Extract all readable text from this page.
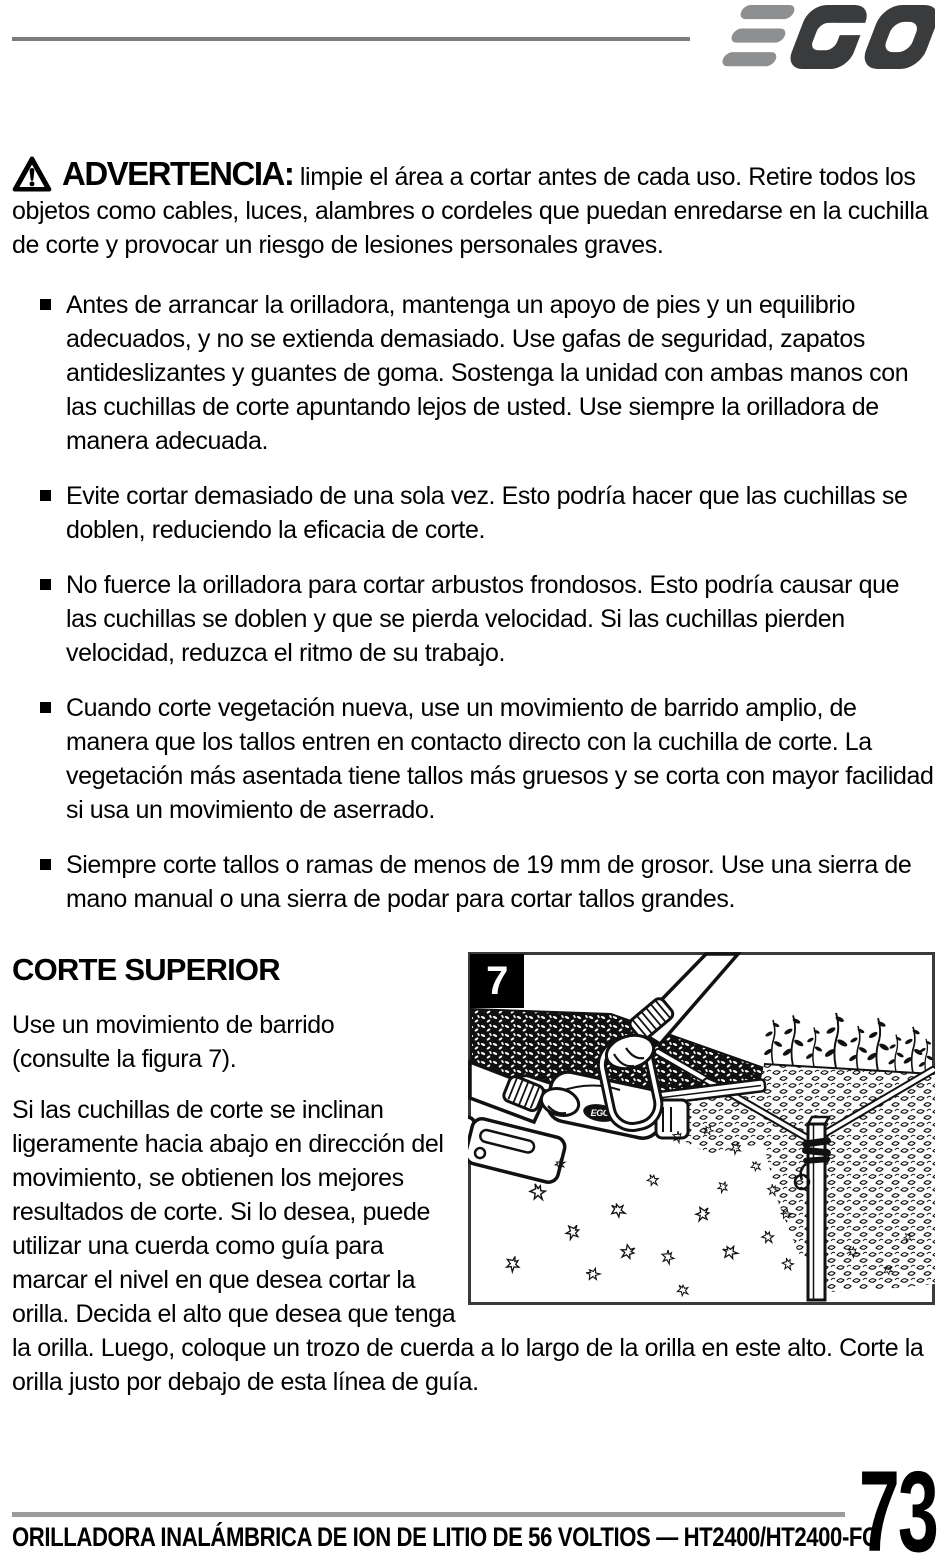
ADVERTENCIA: limpie el área a cortar antes de cada uso. Retire todos los objetos como cables, luces, alambres o cordeles que puedan enredarse en la cuchilla de corte y provocar un riesgo de lesiones personales graves.

Antes de arrancar la orilladora, mantenga un apoyo de pies y un equilibrio adecuados, y no se extienda demasiado. Use gafas de seguridad, zapatos antideslizantes y guantes de goma. Sostenga la unidad con ambas manos con las cuchillas de corte apuntando lejos de usted. Use siempre la orilladora de manera adecuada.
Evite cortar demasiado de una sola vez. Esto podría hacer que las cuchillas se doblen, reduciendo la eficacia de corte.
No fuerce la orilladora para cortar arbustos frondosos. Esto podría causar que las cuchillas se doblen y que se pierda velocidad. Si las cuchillas pierden velocidad, reduzca el ritmo de su trabajo.
Cuando corte vegetación nueva, use un movimiento de barrido amplio, de manera que los tallos entren en contacto directo con la cuchilla de corte. La vegetación más asentada tiene tallos más gruesos y se corta con mayor facilidad si usa un movimiento de aserrado.
Siempre corte tallos o ramas de menos de 19 mm de grosor. Use una sierra de mano manual o una sierra de podar para cortar tallos grandes.
EGO
7
CORTE SUPERIOR

Use un movimiento de barrido (consulte la figura 7).

Si las cuchillas de corte se inclinan ligeramente hacia abajo en dirección del movimiento, se obtienen los mejores resultados de corte. Si lo desea, puede utilizar una cuerda como guía para marcar el nivel en que desea cortar la orilla. Decida el alto que desea que tenga la orilla. Luego, coloque un trozo de cuerda a lo largo de la orilla en este alto. Corte la orilla justo por debajo de esta línea de guía.

ORILLADORA INALÁMBRICA DE ION DE LITIO DE 56 VOLTIOS — HT2400/HT2400-FC
73
